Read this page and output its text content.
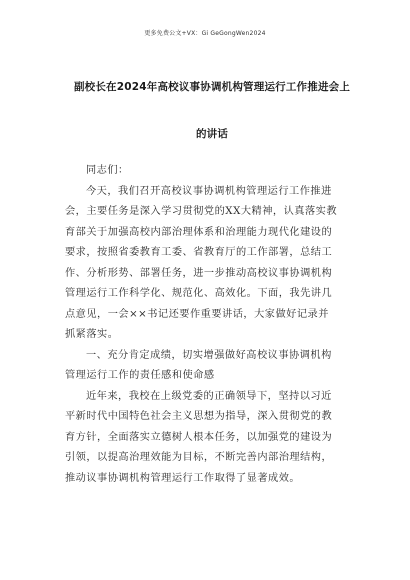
更多免费公文+VX：Gi GeGongWen2024
副校长在2024年高校议事协调机构管理运行工作推进会上
的讲话
同志们：
今天，我们召开高校议事协调机构管理运行工作推进
会，主要任务是深入学习贯彻党的XX大精神，认真落实教
育部关于加强高校内部治理体系和治理能力现代化建设的
要求，按照省委教育工委、省教育厅的工作部署，总结工
作、分析形势、部署任务，进一步推动高校议事协调机构
管理运行工作科学化、规范化、高效化。下面，我先讲几
点意见，一会××书记还要作重要讲话，大家做好记录并
抓紧落实。
一、充分肯定成绩，切实增强做好高校议事协调机构
管理运行工作的责任感和使命感
近年来，我校在上级党委的正确领导下，坚持以习近
平新时代中国特色社会主义思想为指导，深入贯彻党的教
育方针，全面落实立德树人根本任务，以加强党的建设为
引领，以提高治理效能为目标，不断完善内部治理结构，
推动议事协调机构管理运行工作取得了显著成效。
